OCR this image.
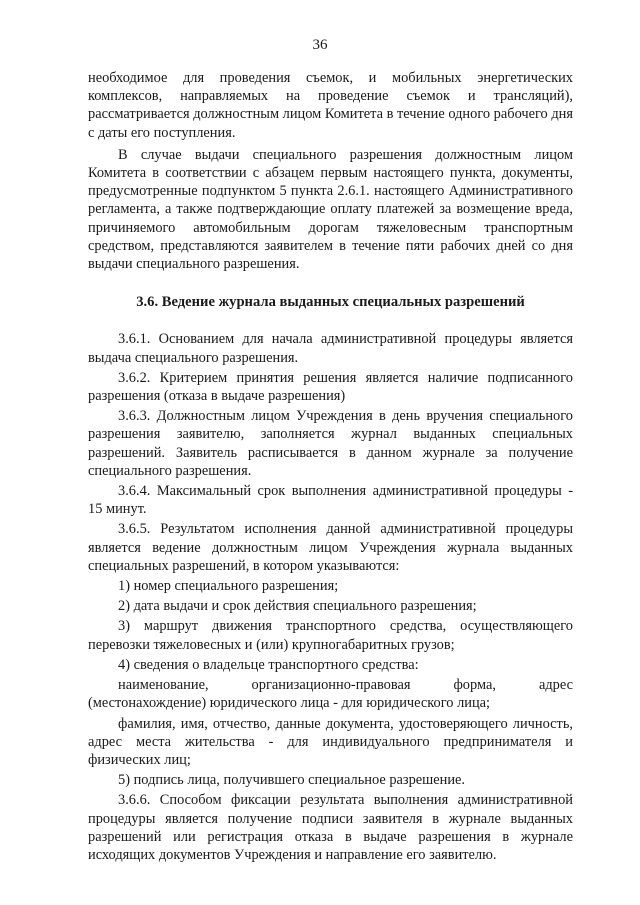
36

необходимое для проведения съемок, и мобильных энергетических комплексов, направляемых на проведение съемок и трансляций), рассматривается должностным лицом Комитета в течение одного рабочего дня с даты его поступления.

В случае выдачи специального разрешения должностным лицом Комитета в соответствии с абзацем первым настоящего пункта, документы, предусмотренные подпунктом 5 пункта 2.6.1. настоящего Административного регламента, а также подтверждающие оплату платежей за возмещение вреда, причиняемого автомобильным дорогам тяжеловесным транспортным средством, представляются заявителем в течение пяти рабочих дней со дня выдачи специального разрешения.

3.6. Ведение журнала выданных специальных разрешений

3.6.1. Основанием для начала административной процедуры является выдача специального разрешения.

3.6.2. Критерием принятия решения является наличие подписанного разрешения (отказа в выдаче разрешения)

3.6.3. Должностным лицом Учреждения в день вручения специального разрешения заявителю, заполняется журнал выданных специальных разрешений. Заявитель расписывается в данном журнале за получение специального разрешения.

3.6.4. Максимальный срок выполнения административной процедуры - 15 минут.

3.6.5. Результатом исполнения данной административной процедуры является ведение должностным лицом Учреждения журнала выданных специальных разрешений, в котором указываются:

1) номер специального разрешения;

2) дата выдачи и срок действия специального разрешения;

3) маршрут движения транспортного средства, осуществляющего перевозки тяжеловесных и (или) крупногабаритных грузов;

4) сведения о владельце транспортного средства:

наименование, организационно-правовая форма, адрес (местонахождение) юридического лица - для юридического лица;

фамилия, имя, отчество, данные документа, удостоверяющего личность, адрес места жительства - для индивидуального предпринимателя и физических лиц;

5) подпись лица, получившего специальное разрешение.

3.6.6. Способом фиксации результата выполнения административной процедуры является получение подписи заявителя в журнале выданных разрешений или регистрация отказа в выдаче разрешения в журнале исходящих документов Учреждения и направление его заявителю.
